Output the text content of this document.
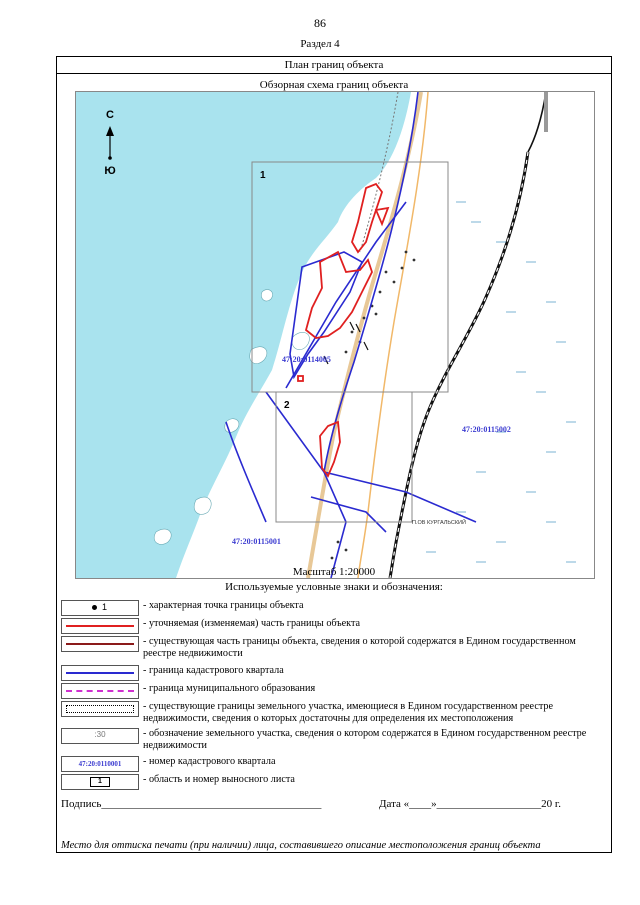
86
Раздел 4
План границ объекта
Обзорная схема границ объекта
С
Ю	1
2
47:20:0114005
47:20:0115002
47:20:0115001
П.ОВ КУРГАЛЬСКИЙ
Масштаб 1:20000
Используемые условные знаки и обозначения:
1	- характерная точка границы объекта
- уточняемая (изменяемая) часть границы объекта
- существующая часть границы объекта, сведения о которой содержатся в Едином государственном реестре недвижимости
- граница кадастрового квартала
- граница муниципального образования
- существующие границы земельного участка, имеющиеся в Едином государственном реестре недвижимости, сведения о которых достаточны для определения их местоположения
:30	- обозначение земельного участка, сведения о котором содержатся в Едином государственном реестре недвижимости
47:20:0110001	- номер кадастрового квартала
1	- область и номер выносного листа
Подпись________________________________________	Дата «____»___________________20 г.
Место для оттиска печати (при наличии) лица, составившего описание местоположения границ объекта
